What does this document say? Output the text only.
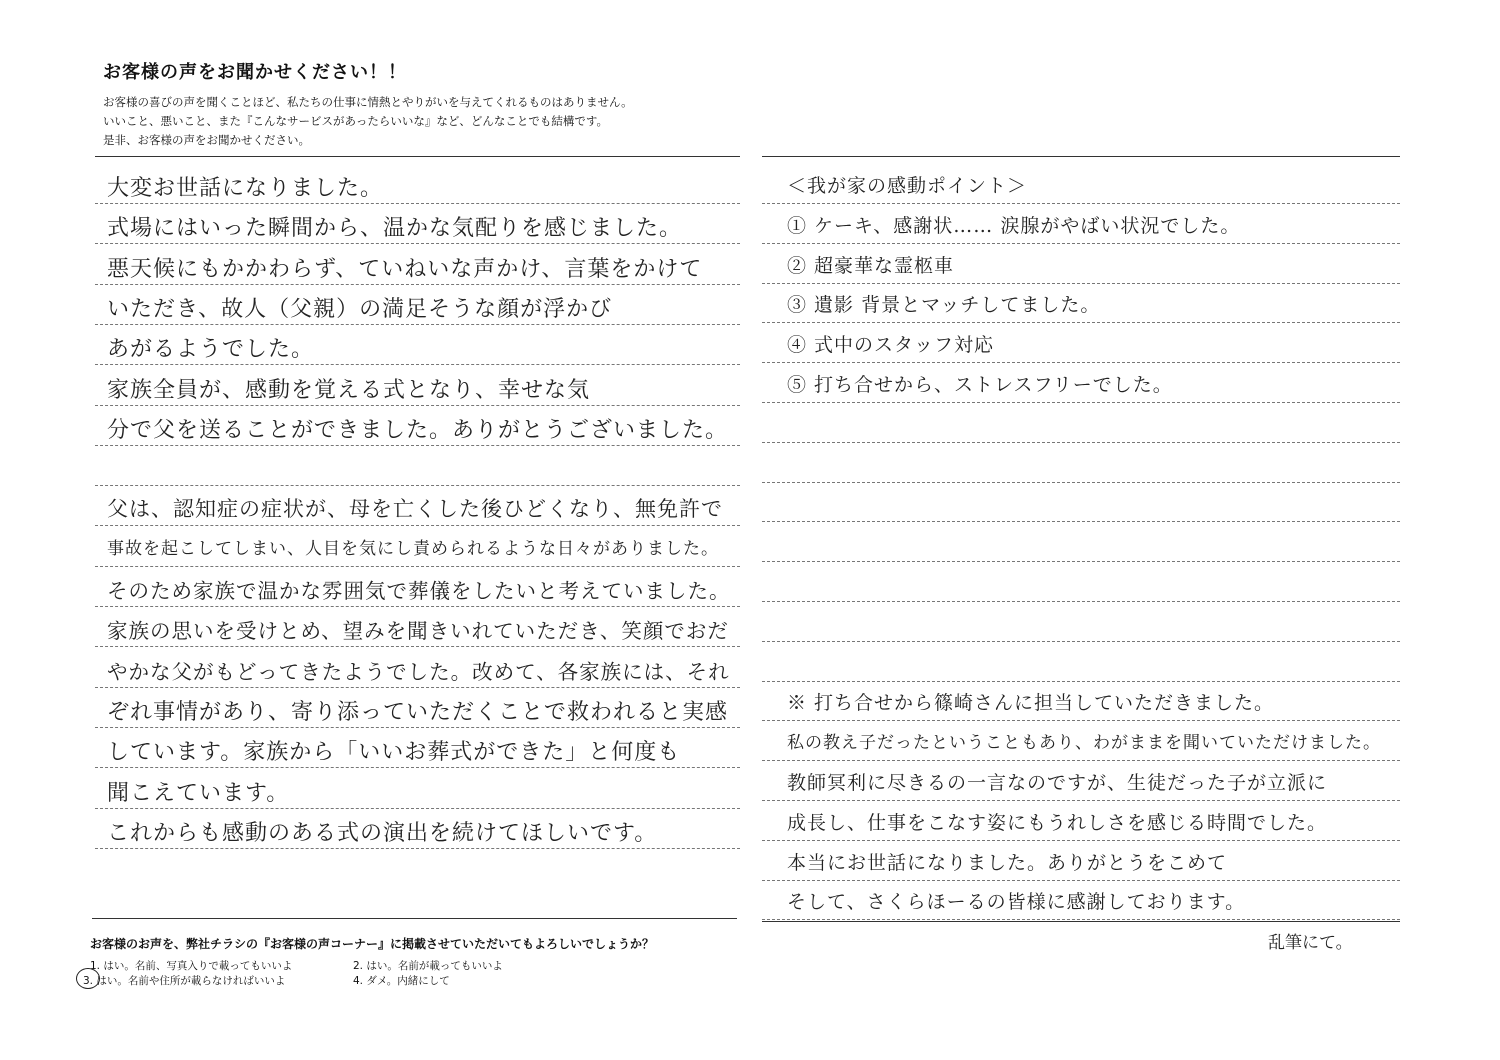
お客様の声をお聞かせください！！
お客様の喜びの声を聞くことほど、私たちの仕事に情熱とやりがいを与えてくれるものはありません。
いいこと、悪いこと、また『こんなサービスがあったらいいな』など、どんなことでも結構です。
是非、お客様の声をお聞かせください。
大変お世話になりました。
式場にはいった瞬間から、温かな気配りを感じました。
悪天候にもかかわらず、ていねいな声かけ、言葉をかけて
いただき、故人（父親）の満足そうな顔が浮かび
あがるようでした。
家族全員が、感動を覚える式となり、幸せな気
分で父を送ることができました。ありがとうございました。
父は、認知症の症状が、母を亡くした後ひどくなり、無免許で
事故を起こしてしまい、人目を気にし責められるような日々がありました。
そのため家族で温かな雰囲気で葬儀をしたいと考えていました。
家族の思いを受けとめ、望みを聞きいれていただき、笑顔でおだ
やかな父がもどってきたようでした。改めて、各家族には、それ
ぞれ事情があり、寄り添っていただくことで救われると実感
しています。家族から「いいお葬式ができた」と何度も
聞こえています。
これからも感動のある式の演出を続けてほしいです。
＜我が家の感動ポイント＞
① ケーキ、感謝状…… 涙腺がやばい状況でした。
② 超豪華な霊柩車
③ 遺影 背景とマッチしてました。
④ 式中のスタッフ対応
⑤ 打ち合せから、ストレスフリーでした。
※ 打ち合せから篠崎さんに担当していただきました。
私の教え子だったということもあり、わがままを聞いていただけました。
教師冥利に尽きるの一言なのですが、生徒だった子が立派に
成長し、仕事をこなす姿にもうれしさを感じる時間でした。
本当にお世話になりました。ありがとうをこめて
そして、さくらほーるの皆様に感謝しております。
乱筆にて。
お客様のお声を、弊社チラシの『お客様の声コーナー』に掲載させていただいてもよろしいでしょうか？
1. はい。名前、写真入りで載ってもいいよ	2. はい。名前が載ってもいいよ
3. はい。名前や住所が載らなければいいよ	4. ダメ。内緒にして
